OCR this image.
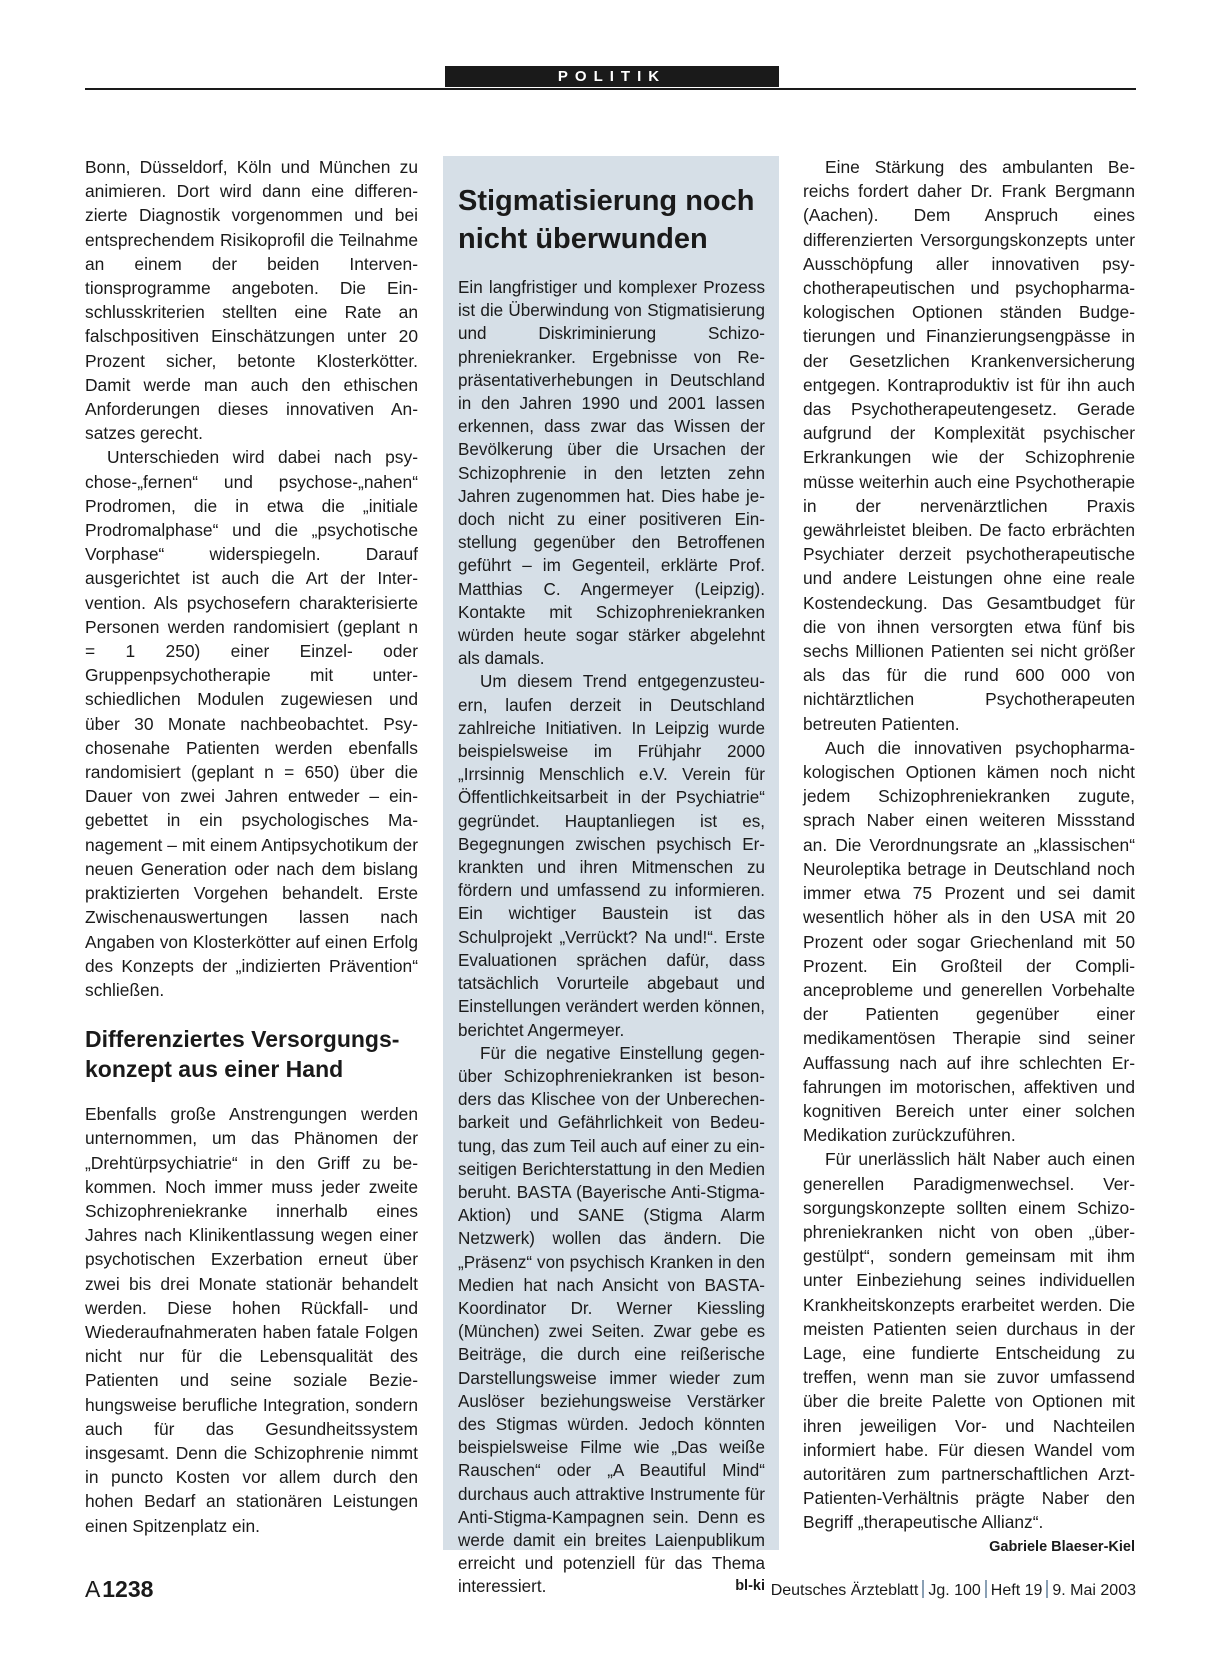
POLITIK

Bonn, Düsseldorf, Köln und München zu animieren. Dort wird dann eine differenzierte Diagnostik vorgenommen und bei entsprechendem Risikoprofil die Teilnahme an einem der beiden Interventionsprogramme angeboten. Die Einschlusskriterien stellten eine Rate an falschpositiven Einschätzungen unter 20 Prozent sicher, betonte Klosterkötter. Damit werde man auch den ethischen Anforderungen dieses innovativen Ansatzes gerecht.

Unterschieden wird dabei nach psychose-„fernen“ und psychose-„nahen“ Prodromen, die in etwa die „initiale Prodromalphase“ und die „psychotische Vorphase“ widerspiegeln. Darauf ausgerichtet ist auch die Art der Intervention. Als psychosefern charakterisierte Personen werden randomisiert (geplant n = 1 250) einer Einzel- oder Gruppenpsychotherapie mit unterschiedlichen Modulen zugewiesen und über 30 Monate nachbeobachtet. Psychosenahe Patienten werden ebenfalls randomisiert (geplant n = 650) über die Dauer von zwei Jahren entweder – eingebettet in ein psychologisches Management – mit einem Antipsychotikum der neuen Generation oder nach dem bislang praktizierten Vorgehen behandelt. Erste Zwischenauswertungen lassen nach Angaben von Klosterkötter auf einen Erfolg des Konzepts der „indizierten Prävention“ schließen.

Differenziertes Versorgungskonzept aus einer Hand

Ebenfalls große Anstrengungen werden unternommen, um das Phänomen der „Drehtürpsychiatrie“ in den Griff zu bekommen. Noch immer muss jeder zweite Schizophreniekranke innerhalb eines Jahres nach Klinikentlassung wegen einer psychotischen Exzerbation erneut über zwei bis drei Monate stationär behandelt werden. Diese hohen Rückfall- und Wiederaufnahmeraten haben fatale Folgen nicht nur für die Lebensqualität des Patienten und seine soziale Beziehungsweise berufliche Integration, sondern auch für das Gesundheitssystem insgesamt. Denn die Schizophrenie nimmt in puncto Kosten vor allem durch den hohen Bedarf an stationären Leistungen einen Spitzenplatz ein.

Stigmatisierung noch nicht überwunden

Ein langfristiger und komplexer Prozess ist die Überwindung von Stigmatisierung und Diskriminierung Schizophreniekranker. Ergebnisse von Repräsentativerhebungen in Deutschland in den Jahren 1990 und 2001 lassen erkennen, dass zwar das Wissen der Bevölkerung über die Ursachen der Schizophrenie in den letzten zehn Jahren zugenommen hat. Dies habe jedoch nicht zu einer positiveren Einstellung gegenüber den Betroffenen geführt – im Gegenteil, erklärte Prof. Matthias C. Angermeyer (Leipzig). Kontakte mit Schizophreniekranken würden heute sogar stärker abgelehnt als damals.

Um diesem Trend entgegenzusteuern, laufen derzeit in Deutschland zahlreiche Initiativen. In Leipzig wurde beispielsweise im Frühjahr 2000 „Irrsinnig Menschlich e.V. Verein für Öffentlichkeitsarbeit in der Psychiatrie“ gegründet. Hauptanliegen ist es, Begegnungen zwischen psychisch Erkrankten und ihren Mitmenschen zu fördern und umfassend zu informieren. Ein wichtiger Baustein ist das Schulprojekt „Verrückt? Na und!“. Erste Evaluationen sprächen dafür, dass tatsächlich Vorurteile abgebaut und Einstellungen verändert werden können, berichtet Angermeyer.

Für die negative Einstellung gegenüber Schizophreniekranken ist besonders das Klischee von der Unberechenbarkeit und Gefährlichkeit von Bedeutung, das zum Teil auch auf einer zu einseitigen Berichterstattung in den Medien beruht. BASTA (Bayerische Anti-Stigma-Aktion) und SANE (Stigma Alarm Netzwerk) wollen das ändern. Die „Präsenz“ von psychisch Kranken in den Medien hat nach Ansicht von BASTA-Koordinator Dr. Werner Kiessling (München) zwei Seiten. Zwar gebe es Beiträge, die durch eine reißerische Darstellungsweise immer wieder zum Auslöser beziehungsweise Verstärker des Stigmas würden. Jedoch könnten beispielsweise Filme wie „Das weiße Rauschen“ oder „A Beautiful Mind“ durchaus auch attraktive Instrumente für Anti-Stigma-Kampagnen sein. Denn es werde damit ein breites Laienpublikum erreicht und potenziell für das Thema interessiert.	bl-ki

Eine Stärkung des ambulanten Bereichs fordert daher Dr. Frank Bergmann (Aachen). Dem Anspruch eines differenzierten Versorgungskonzepts unter Ausschöpfung aller innovativen psychotherapeutischen und psychopharmakologischen Optionen ständen Budgetierungen und Finanzierungsengpässe in der Gesetzlichen Krankenversicherung entgegen. Kontraproduktiv ist für ihn auch das Psychotherapeutengesetz. Gerade aufgrund der Komplexität psychischer Erkrankungen wie der Schizophrenie müsse weiterhin auch eine Psychotherapie in der nervenärztlichen Praxis gewährleistet bleiben. De facto erbrächten Psychiater derzeit psychotherapeutische und andere Leistungen ohne eine reale Kostendeckung. Das Gesamtbudget für die von ihnen versorgten etwa fünf bis sechs Millionen Patienten sei nicht größer als das für die rund 600 000 von nichtärztlichen Psychotherapeuten betreuten Patienten.

Auch die innovativen psychopharmakologischen Optionen kämen noch nicht jedem Schizophreniekranken zugute, sprach Naber einen weiteren Missstand an. Die Verordnungsrate an „klassischen“ Neuroleptika betrage in Deutschland noch immer etwa 75 Prozent und sei damit wesentlich höher als in den USA mit 20 Prozent oder sogar Griechenland mit 50 Prozent. Ein Großteil der Complianceprobleme und generellen Vorbehalte der Patienten gegenüber einer medikamentösen Therapie sind seiner Auffassung nach auf ihre schlechten Erfahrungen im motorischen, affektiven und kognitiven Bereich unter einer solchen Medikation zurückzuführen.

Für unerlässlich hält Naber auch einen generellen Paradigmenwechsel. Versorgungskonzepte sollten einem Schizophreniekranken nicht von oben „übergestülpt“, sondern gemeinsam mit ihm unter Einbeziehung seines individuellen Krankheitskonzepts erarbeitet werden. Die meisten Patienten seien durchaus in der Lage, eine fundierte Entscheidung zu treffen, wenn man sie zuvor umfassend über die breite Palette von Optionen mit ihren jeweiligen Vor- und Nachteilen informiert habe. Für diesen Wandel vom autoritären zum partnerschaftlichen Arzt-Patienten-Verhältnis prägte Naber den Begriff „therapeutische Allianz“.
Gabriele Blaeser-Kiel

A 1238	Deutsches Ärzteblatt Jg. 100 Heft 19 9. Mai 2003
